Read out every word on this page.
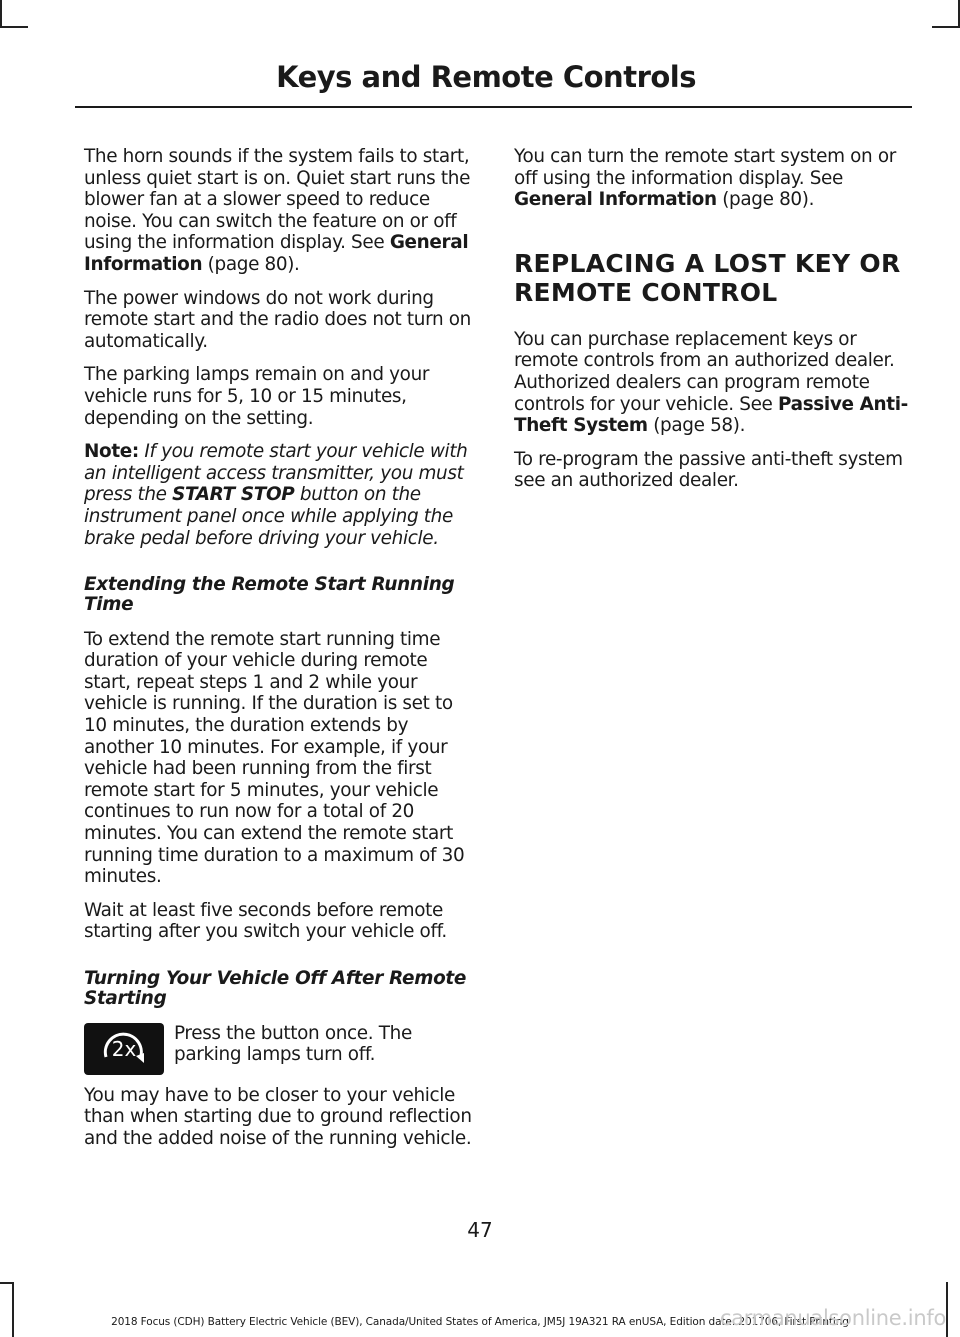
Keys and Remote Controls

The horn sounds if the system fails to start, unless quiet start is on. Quiet start runs the blower fan at a slower speed to reduce noise. You can switch the feature on or off using the information display. See General Information (page 80).

The power windows do not work during remote start and the radio does not turn on automatically.

The parking lamps remain on and your vehicle runs for 5, 10 or 15 minutes, depending on the setting.

Note: If you remote start your vehicle with an intelligent access transmitter, you must press the START STOP button on the instrument panel once while applying the brake pedal before driving your vehicle.

Extending the Remote Start Running Time

To extend the remote start running time duration of your vehicle during remote start, repeat steps 1 and 2 while your vehicle is running. If the duration is set to 10 minutes, the duration extends by another 10 minutes. For example, if your vehicle had been running from the first remote start for 5 minutes, your vehicle continues to run now for a total of 20 minutes. You can extend the remote start running time duration to a maximum of 30 minutes.

Wait at least five seconds before remote starting after you switch your vehicle off.

Turning Your Vehicle Off After Remote Starting
2x

Press the button once. The parking lamps turn off.

You may have to be closer to your vehicle than when starting due to ground reflection and the added noise of the running vehicle.

You can turn the remote start system on or off using the information display. See General Information (page 80).

REPLACING A LOST KEY OR
REMOTE CONTROL

You can purchase replacement keys or remote controls from an authorized dealer. Authorized dealers can program remote controls for your vehicle. See Passive Anti-Theft System (page 58).

To re-program the passive anti-theft system see an authorized dealer.

47
2018 Focus (CDH) Battery Electric Vehicle (BEV), Canada/United States of America, JM5J 19A321 RA enUSA, Edition date: 201706, First Printing
carmanualsonline.info
